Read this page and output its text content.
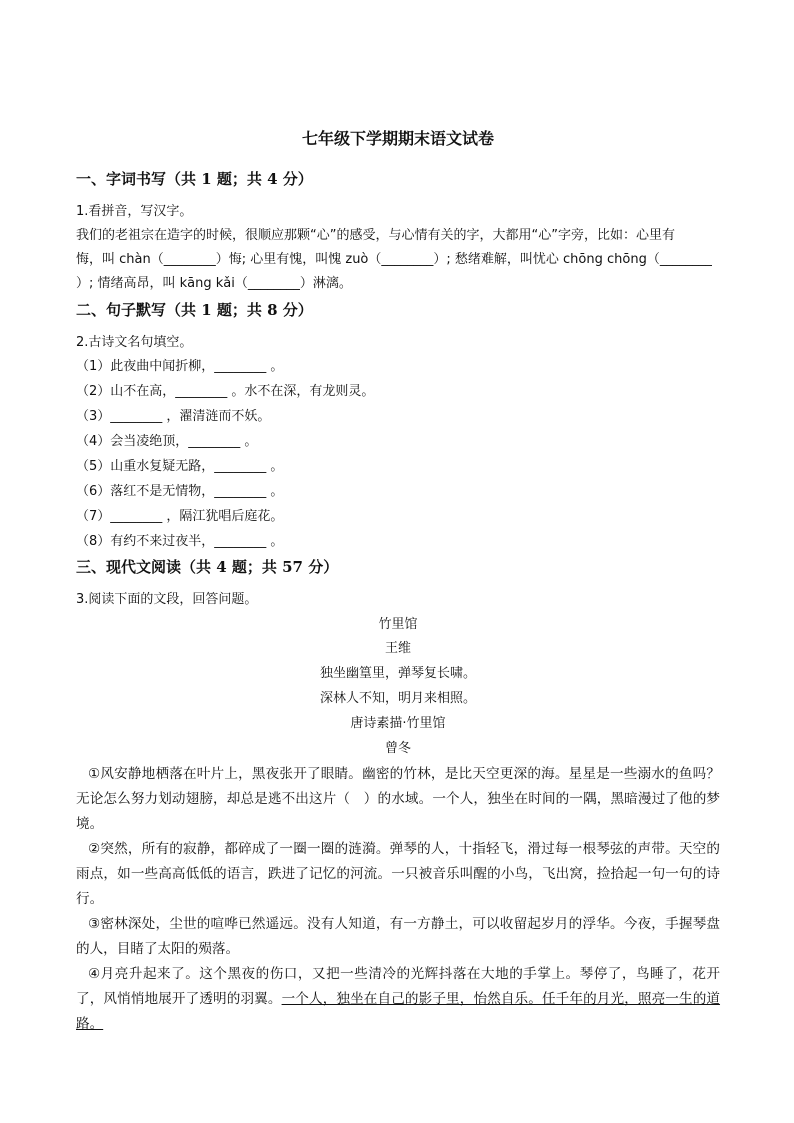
七年级下学期期末语文试卷
一、字词书写（共 1 题；共 4 分）
1.看拼音，写汉字。
我们的老祖宗在造字的时候，很顺应那颗“心”的感受，与心情有关的字，大都用“心”字旁，比如：心里有
悔，叫 chàn（________）悔; 心里有愧，叫愧 zuò（________）; 愁绪难解，叫忧心 chōng chōng（________
）; 情绪高昂，叫 kāng kǎi（________）淋漓。
二、句子默写（共 1 题；共 8 分）
2.古诗文名句填空。
（1）此夜曲中闻折柳，________ 。
（2）山不在高，________ 。水不在深，有龙则灵。
（3）________ ，濯清涟而不妖。
（4）会当凌绝顶，________ 。
（5）山重水复疑无路，________ 。
（6）落红不是无情物，________ 。
（7）________ ，隔江犹唱后庭花。
（8）有约不来过夜半，________ 。
三、现代文阅读（共 4 题；共 57 分）
3.阅读下面的文段，回答问题。
竹里馆
王维
独坐幽篁里，弹琴复长啸。
深林人不知，明月来相照。
唐诗素描·竹里馆
曾冬
①风安静地栖落在叶片上，黑夜张开了眼睛。幽密的竹林，是比天空更深的海。星星是一些溺水的鱼吗？无论怎么努力划动翅膀，却总是逃不出这片（　）的水域。一个人，独坐在时间的一隅，黑暗漫过了他的梦境。
②突然，所有的寂静，都碎成了一圈一圈的涟漪。弹琴的人，十指轻飞，滑过每一根琴弦的声带。天空的雨点，如一些高高低低的语言，跌进了记忆的河流。一只被音乐叫醒的小鸟，飞出窝，捡拾起一句一句的诗行。
③密林深处，尘世的喧哗已然遥远。没有人知道，有一方静土，可以收留起岁月的浮华。今夜，手握琴盘的人，目睹了太阳的殒落。
④月亮升起来了。这个黑夜的伤口，又把一些清冷的光辉抖落在大地的手掌上。琴停了，鸟睡了，花开了，风悄悄地展开了透明的羽翼。一个人，独坐在自己的影子里，怡然自乐。任千年的月光，照亮一生的道路。
